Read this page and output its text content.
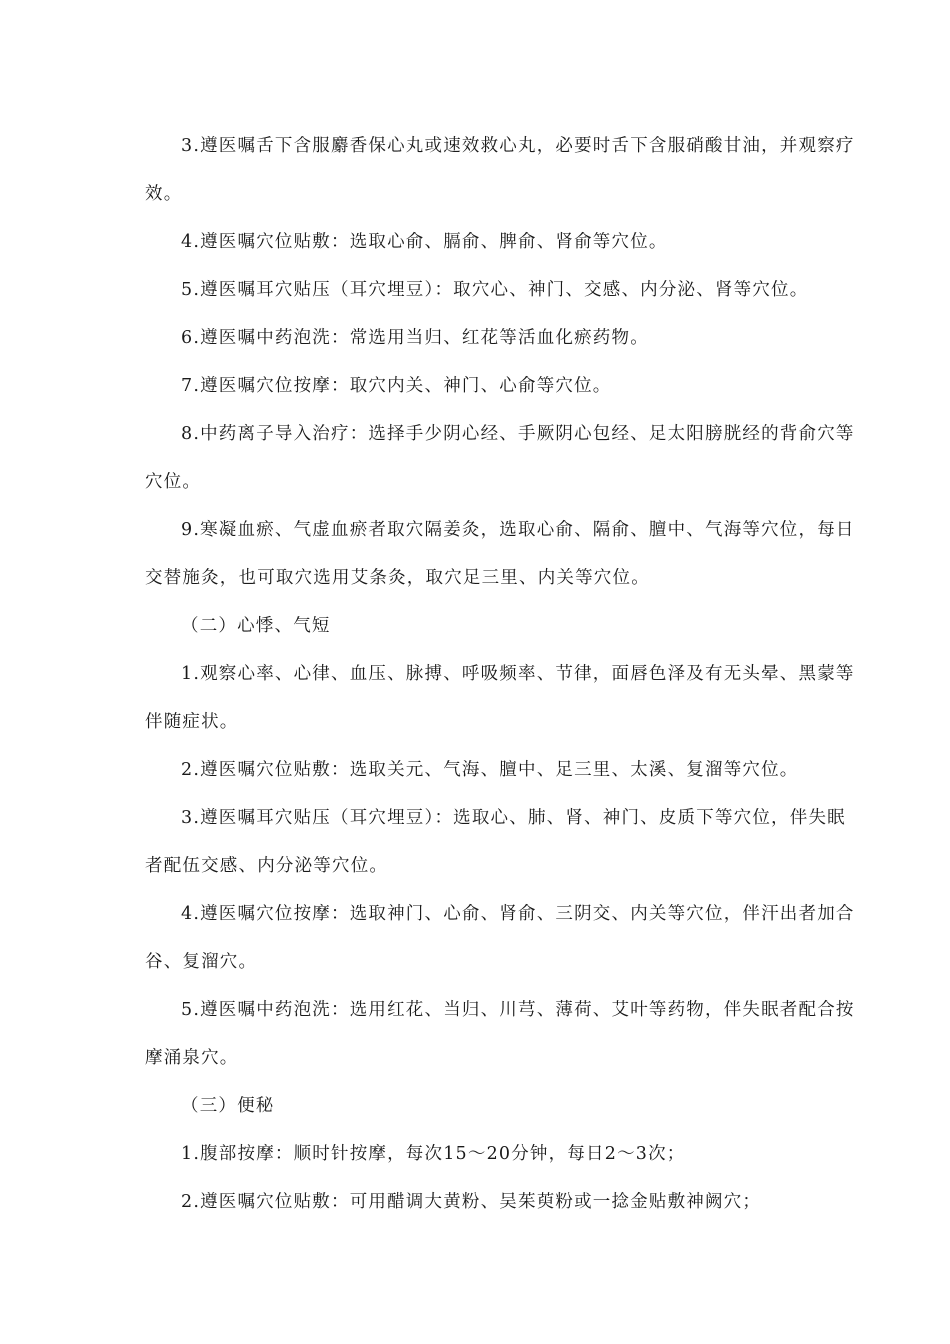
3.遵医嘱舌下含服麝香保心丸或速效救心丸，必要时舌下含服硝酸甘油，并观察疗效。

4.遵医嘱穴位贴敷：选取心俞、膈俞、脾俞、肾俞等穴位。

5.遵医嘱耳穴贴压（耳穴埋豆）：取穴心、神门、交感、内分泌、肾等穴位。

6.遵医嘱中药泡洗：常选用当归、红花等活血化瘀药物。

7.遵医嘱穴位按摩：取穴内关、神门、心俞等穴位。

8.中药离子导入治疗：选择手少阴心经、手厥阴心包经、足太阳膀胱经的背俞穴等穴位。

9.寒凝血瘀、气虚血瘀者取穴隔姜灸，选取心俞、隔俞、膻中、气海等穴位，每日交替施灸，也可取穴选用艾条灸，取穴足三里、内关等穴位。

（二）心悸、气短

1.观察心率、心律、血压、脉搏、呼吸频率、节律，面唇色泽及有无头晕、黑蒙等伴随症状。

2.遵医嘱穴位贴敷：选取关元、气海、膻中、足三里、太溪、复溜等穴位。

3.遵医嘱耳穴贴压（耳穴埋豆）：选取心、肺、肾、神门、皮质下等穴位，伴失眠者配伍交感、内分泌等穴位。

4.遵医嘱穴位按摩：选取神门、心俞、肾俞、三阴交、内关等穴位，伴汗出者加合谷、复溜穴。

5.遵医嘱中药泡洗：选用红花、当归、川芎、薄荷、艾叶等药物，伴失眠者配合按摩涌泉穴。

（三）便秘

1.腹部按摩：顺时针按摩，每次15～20分钟，每日2～3次；

2.遵医嘱穴位贴敷：可用醋调大黄粉、吴茱萸粉或一捻金贴敷神阙穴；
